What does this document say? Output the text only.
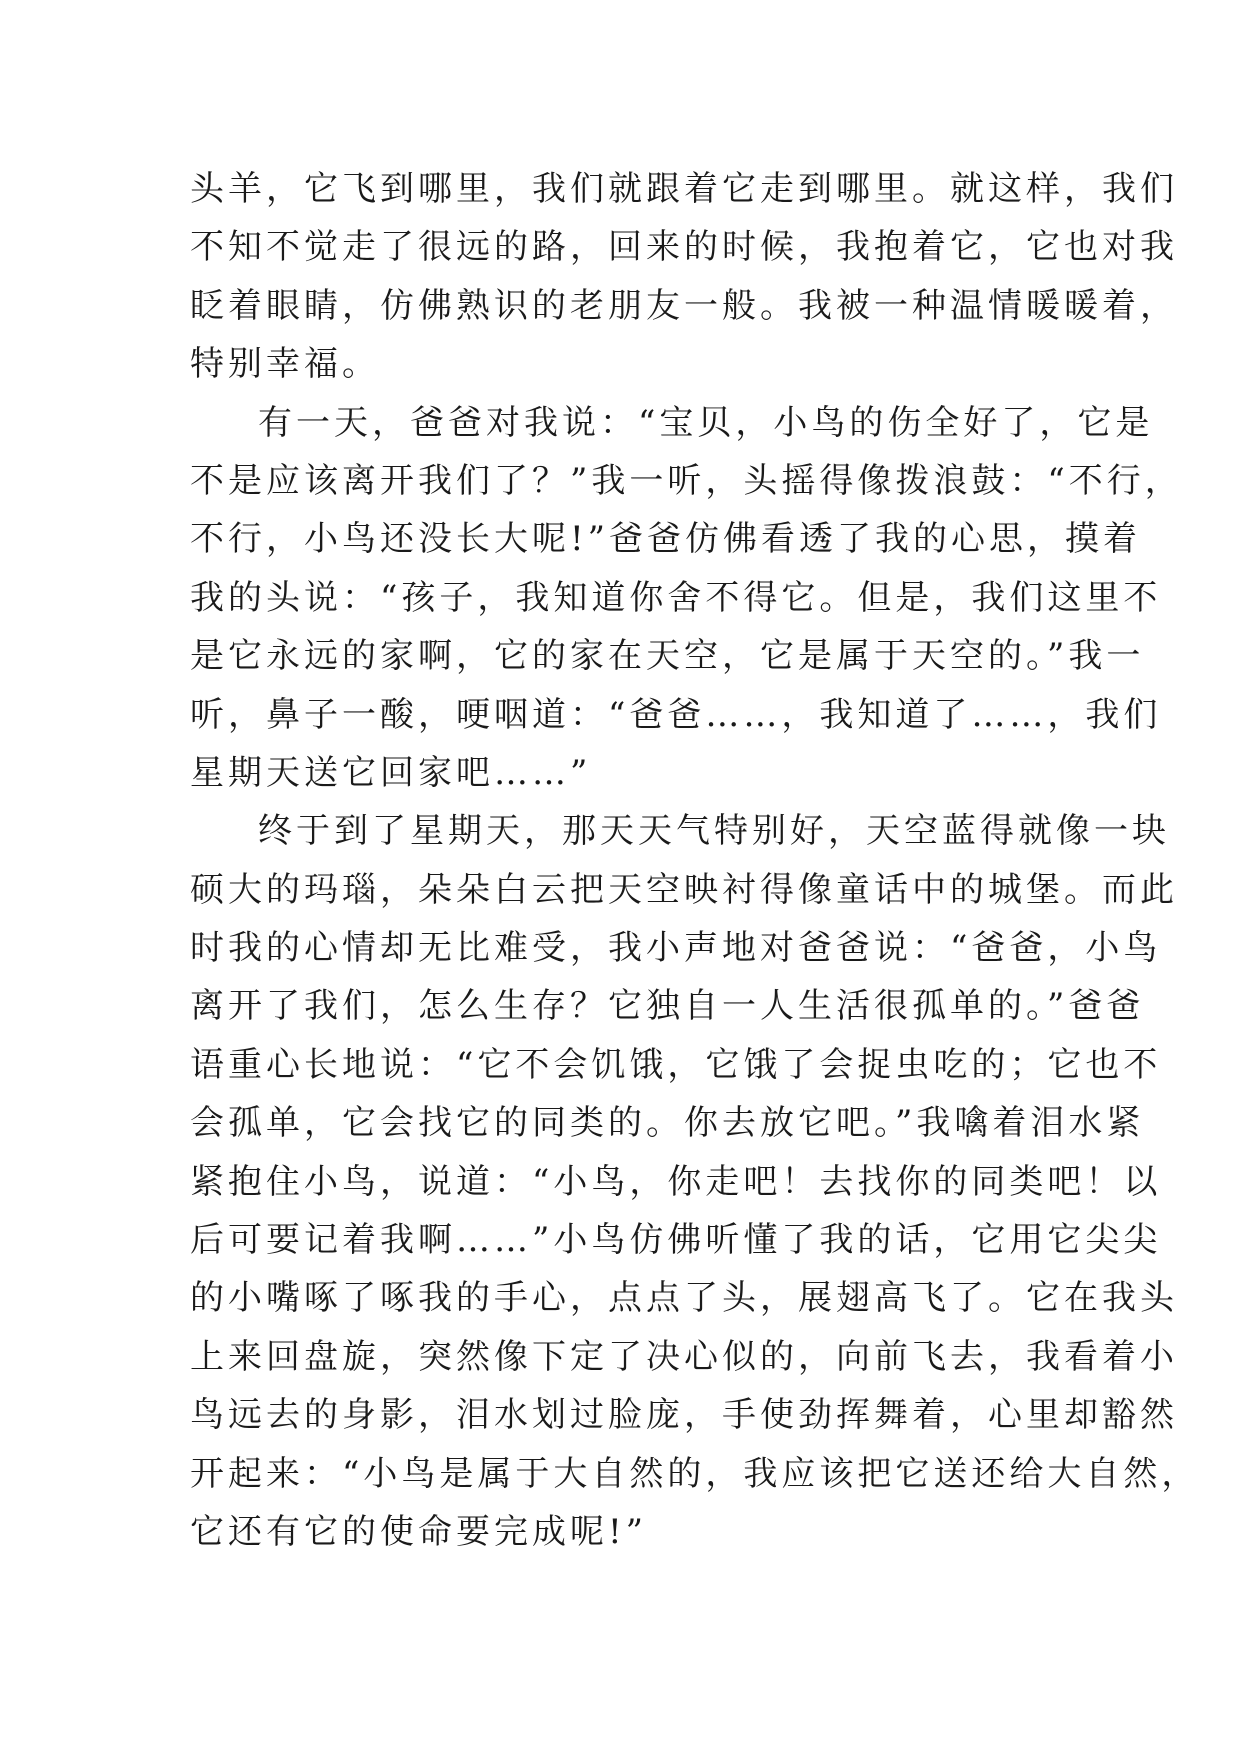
头羊，它飞到哪里，我们就跟着它走到哪里。就这样，我们
不知不觉走了很远的路，回来的时候，我抱着它，它也对我
眨着眼睛，仿佛熟识的老朋友一般。我被一种温情暖暖着，
特别幸福。
有一天，爸爸对我说：“宝贝，小鸟的伤全好了，它是
不是应该离开我们了？”我一听，头摇得像拨浪鼓：“不行，
不行，小鸟还没长大呢!”爸爸仿佛看透了我的心思，摸着
我的头说：“孩子，我知道你舍不得它。但是，我们这里不
是它永远的家啊，它的家在天空，它是属于天空的。”我一
听，鼻子一酸，哽咽道：“爸爸……，我知道了……，我们
星期天送它回家吧……”
终于到了星期天，那天天气特别好，天空蓝得就像一块
硕大的玛瑙，朵朵白云把天空映衬得像童话中的城堡。而此
时我的心情却无比难受，我小声地对爸爸说：“爸爸，小鸟
离开了我们，怎么生存？它独自一人生活很孤单的。”爸爸
语重心长地说：“它不会饥饿，它饿了会捉虫吃的；它也不
会孤单，它会找它的同类的。你去放它吧。”我噙着泪水紧
紧抱住小鸟，说道：“小鸟，你走吧！去找你的同类吧！以
后可要记着我啊……”小鸟仿佛听懂了我的话，它用它尖尖
的小嘴啄了啄我的手心，点点了头，展翅高飞了。它在我头
上来回盘旋，突然像下定了决心似的，向前飞去，我看着小
鸟远去的身影，泪水划过脸庞，手使劲挥舞着，心里却豁然
开起来：“小鸟是属于大自然的，我应该把它送还给大自然，
它还有它的使命要完成呢!”
